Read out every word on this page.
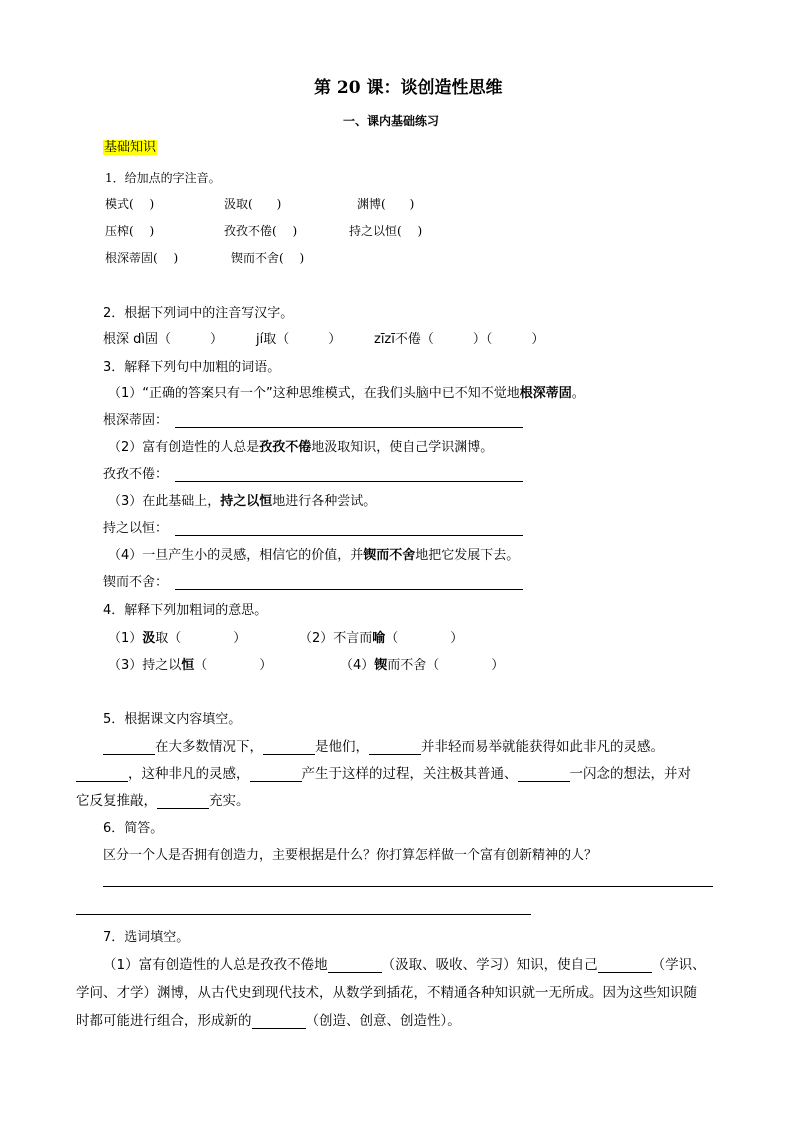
第 20 课：谈创造性思维
一、课内基础练习
基础知识
1．给加点的字注音。
模式(　 )	汲取(　　)	渊博(　　)
压榨(　 )	孜孜不倦(　 )	持之以恒(　 )
根深蒂固(　 )	锲而不舍(　 )
2．根据下列词中的注音写汉字。
根深 dì固（　　　）	jí取（　　　）	zīzī不倦（　　　）（　　　）
3．解释下列句中加粗的词语。
（1）“正确的答案只有一个”这种思维模式，在我们头脑中已不知不觉地根深蒂固。
根深蒂固：
（2）富有创造性的人总是孜孜不倦地汲取知识，使自己学识渊博。
孜孜不倦：
（3）在此基础上，持之以恒地进行各种尝试。
持之以恒：
（4）一旦产生小的灵感，相信它的价值，并锲而不舍地把它发展下去。
锲而不舍：
4．解释下列加粗词的意思。
（1）汲取（　　　　）	（2）不言而喻（　　　　）
（3）持之以恒（　　　　）	（4）锲而不舍（　　　　）
5．根据课文内容填空。
在大多数情况下，	是他们，	并非轻而易举就能获得如此非凡的灵感。
，这种非凡的灵感，	产生于这样的过程，关注极其普通、	一闪念的想法，并对
它反复推敲，	充实。
6．简答。
区分一个人是否拥有创造力，主要根据是什么？你打算怎样做一个富有创新精神的人？
7．选词填空。
（1）富有创造性的人总是孜孜不倦地	（汲取、吸收、学习）知识，使自己	（学识、
学问、才学）渊博，从古代史到现代技术，从数学到插花，不精通各种知识就一无所成。因为这些知识随
时都可能进行组合，形成新的	（创造、创意、创造性）。
